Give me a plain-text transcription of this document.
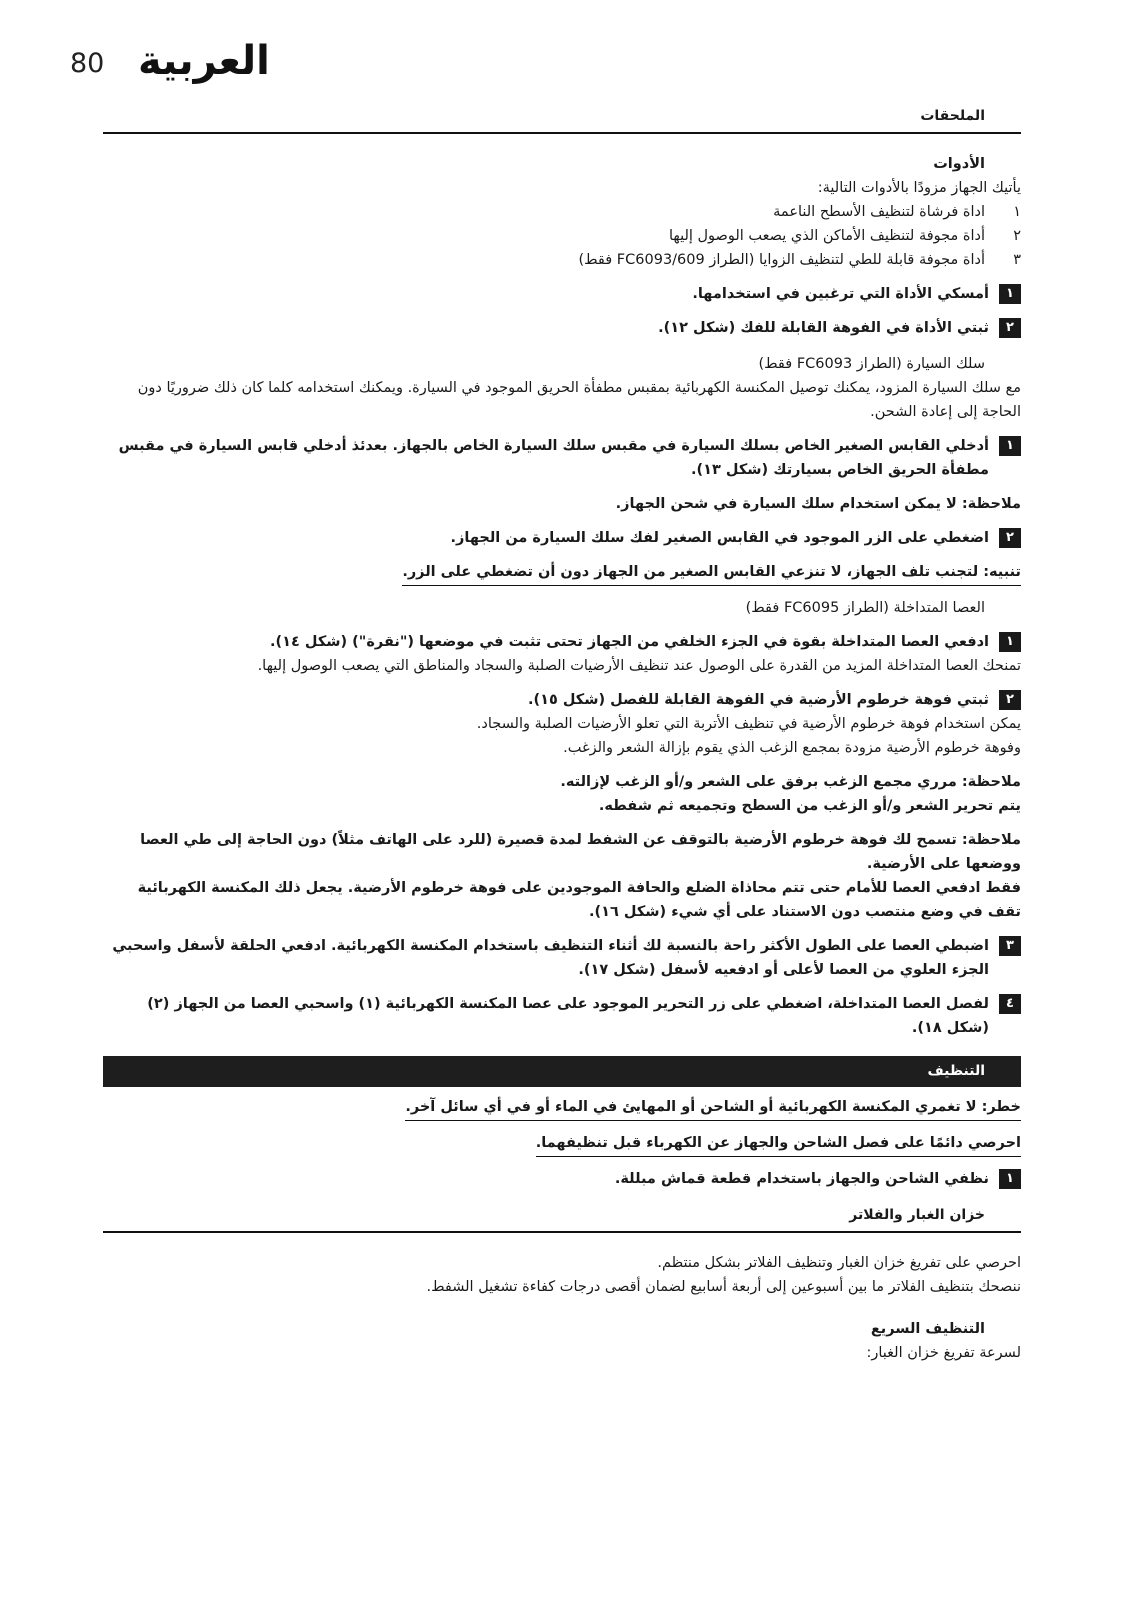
80 العربية
الملحقات

الأدوات

يأتيك الجهاز مزودًا بالأدوات التالية:

١
اداة فرشاة لتنظيف الأسطح الناعمة
٢
أداة مجوفة لتنظيف الأماكن الذي يصعب الوصول إليها
٣
أداة مجوفة قابلة للطي لتنظيف الزوايا (الطراز FC6093/609 فقط)
١
أمسكي الأداة التي ترغبين في استخدامها.
٢
ثبتي الأداة في الفوهة القابلة للفك (شكل ١٢).

سلك السيارة (الطراز FC6093 فقط)

مع سلك السيارة المزود، يمكنك توصيل المكنسة الكهربائية بمقبس مطفأة الحريق الموجود في السيارة. ويمكنك استخدامه كلما كان ذلك ضروريًا دون الحاجة إلى إعادة الشحن.

١
أدخلي القابس الصغير الخاص بسلك السيارة في مقبس سلك السيارة الخاص بالجهاز. بعدئذ أدخلي قابس السيارة في مقبس مطفأة الحريق الخاص بسيارتك (شكل ١٣).

ملاحظة: لا يمكن استخدام سلك السيارة في شحن الجهاز.

٢
اضغطي على الزر الموجود في القابس الصغير لفك سلك السيارة من الجهاز.
تنبيه: لتجنب تلف الجهاز، لا تنزعي القابس الصغير من الجهاز دون أن تضغطي على الزر.

العصا المتداخلة (الطراز FC6095 فقط)

١
ادفعي العصا المتداخلة بقوة في الجزء الخلفي من الجهاز تحتى تثبت في موضعها ("نقرة") (شكل ١٤).

تمنحك العصا المتداخلة المزيد من القدرة على الوصول عند تنظيف الأرضيات الصلبة والسجاد والمناطق التي يصعب الوصول إليها.

٢
ثبتي فوهة خرطوم الأرضية في الفوهة القابلة للفصل (شكل ١٥).

يمكن استخدام فوهة خرطوم الأرضية في تنظيف الأتربة التي تعلو الأرضيات الصلبة والسجاد.

وفوهة خرطوم الأرضية مزودة بمجمع الزغب الذي يقوم بإزالة الشعر والزغب.

ملاحظة: مرري مجمع الزغب برفق على الشعر و/أو الزغب لإزالته.

يتم تحرير الشعر و/أو الزغب من السطح وتجميعه ثم شفطه.

ملاحظة: تسمح لك فوهة خرطوم الأرضية بالتوقف عن الشفط لمدة قصيرة (للرد على الهاتف مثلاً) دون الحاجة إلى طي العصا ووضعها على الأرضية.

فقط ادفعي العصا للأمام حتى تتم محاذاة الضلع والحافة الموجودين على فوهة خرطوم الأرضية. يجعل ذلك المكنسة الكهربائية تقف في وضع منتصب دون الاستناد على أي شيء (شكل ١٦).

٣
اضبطي العصا على الطول الأكثر راحة بالنسبة لك أثناء التنظيف باستخدام المكنسة الكهربائية. ادفعي الحلقة لأسفل واسحبي الجزء العلوي من العصا لأعلى أو ادفعيه لأسفل (شكل ١٧).
٤
لفصل العصا المتداخلة، اضغطي على زر التحرير الموجود على عصا المكنسة الكهربائية (١) واسحبي العصا من الجهاز (٢) (شكل ١٨).
التنظيف
خطر: لا تغمري المكنسة الكهربائية أو الشاحن أو المهايئ في الماء أو في أي سائل آخر.
احرصي دائمًا على فصل الشاحن والجهاز عن الكهرباء قبل تنظيفهما.
١
نظفي الشاحن والجهاز باستخدام قطعة قماش مبللة.
خزان الغبار والفلاتر

احرصي على تفريغ خزان الغبار وتنظيف الفلاتر بشكل منتظم.

ننصحك بتنظيف الفلاتر ما بين أسبوعين إلى أربعة أسابيع لضمان أقصى درجات كفاءة تشغيل الشفط.

التنظيف السريع

لسرعة تفريغ خزان الغبار:
